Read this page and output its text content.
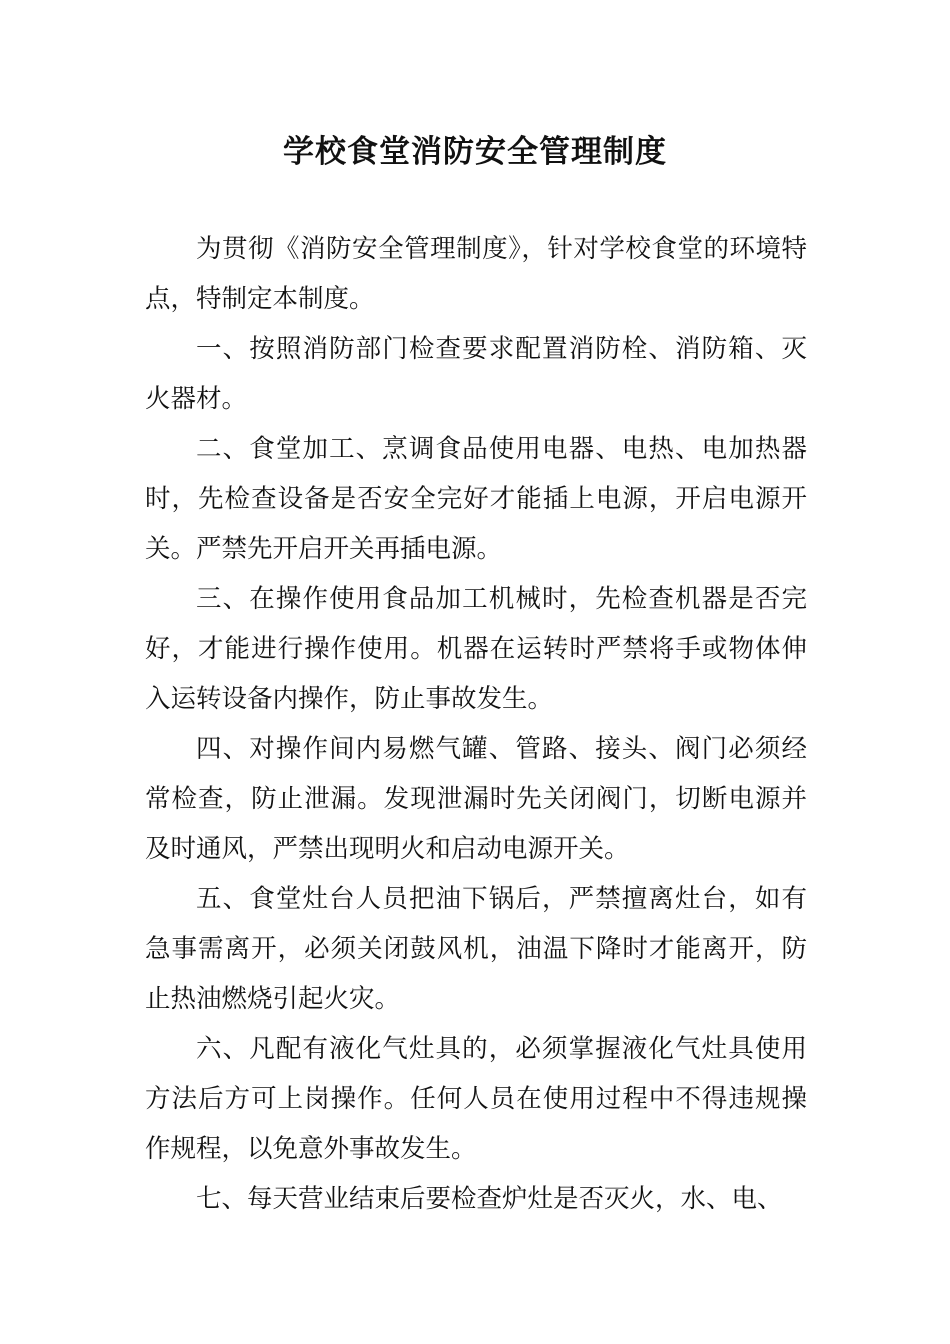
学校食堂消防安全管理制度

为贯彻《消防安全管理制度》，针对学校食堂的环境特点，特制定本制度。

一、按照消防部门检查要求配置消防栓、消防箱、灭火器材。

二、食堂加工、烹调食品使用电器、电热、电加热器时，先检查设备是否安全完好才能插上电源，开启电源开关。严禁先开启开关再插电源。

三、在操作使用食品加工机械时，先检查机器是否完好，才能进行操作使用。机器在运转时严禁将手或物体伸入运转设备内操作，防止事故发生。

四、对操作间内易燃气罐、管路、接头、阀门必须经常检查，防止泄漏。发现泄漏时先关闭阀门，切断电源并及时通风，严禁出现明火和启动电源开关。

五、食堂灶台人员把油下锅后，严禁擅离灶台，如有急事需离开，必须关闭鼓风机，油温下降时才能离开，防止热油燃烧引起火灾。

六、凡配有液化气灶具的，必须掌握液化气灶具使用方法后方可上岗操作。任何人员在使用过程中不得违规操作规程，以免意外事故发生。

七、每天营业结束后要检查炉灶是否灭火，水、电、
